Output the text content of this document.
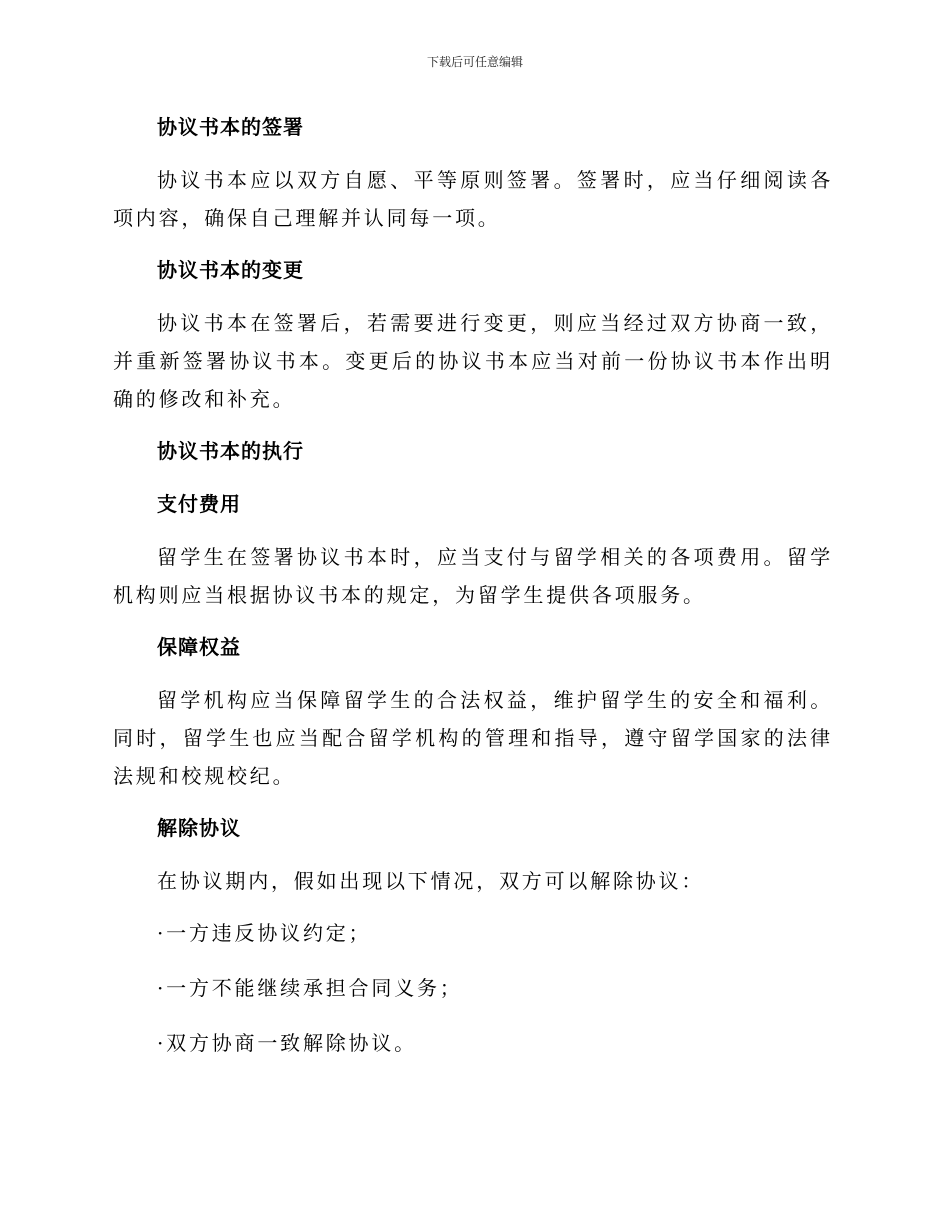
下载后可任意编辑
协议书本的签署

协议书本应以双方自愿、平等原则签署。签署时，应当仔细阅读各项内容，确保自己理解并认同每一项。

协议书本的变更

协议书本在签署后，若需要进行变更，则应当经过双方协商一致，并重新签署协议书本。变更后的协议书本应当对前一份协议书本作出明确的修改和补充。

协议书本的执行
支付费用

留学生在签署协议书本时，应当支付与留学相关的各项费用。留学机构则应当根据协议书本的规定，为留学生提供各项服务。

保障权益

留学机构应当保障留学生的合法权益，维护留学生的安全和福利。同时，留学生也应当配合留学机构的管理和指导，遵守留学国家的法律法规和校规校纪。

解除协议

在协议期内，假如出现以下情况，双方可以解除协议：

·一方违反协议约定；
·一方不能继续承担合同义务；
·双方协商一致解除协议。
